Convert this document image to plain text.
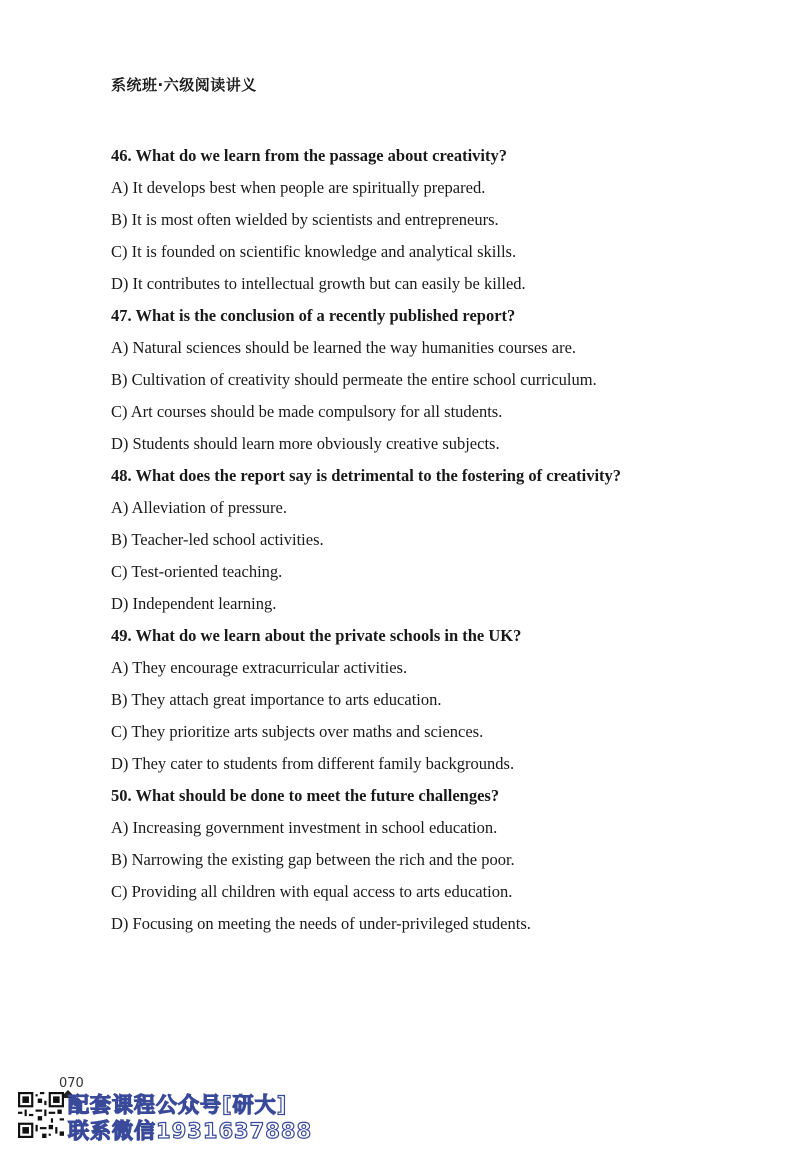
系统班·六级阅读讲义
46. What do we learn from the passage about creativity?
A) It develops best when people are spiritually prepared.
B) It is most often wielded by scientists and entrepreneurs.
C) It is founded on scientific knowledge and analytical skills.
D) It contributes to intellectual growth but can easily be killed.
47. What is the conclusion of a recently published report?
A) Natural sciences should be learned the way humanities courses are.
B) Cultivation of creativity should permeate the entire school curriculum.
C) Art courses should be made compulsory for all students.
D) Students should learn more obviously creative subjects.
48. What does the report say is detrimental to the fostering of creativity?
A) Alleviation of pressure.
B) Teacher-led school activities.
C) Test-oriented teaching.
D) Independent learning.
49. What do we learn about the private schools in the UK?
A) They encourage extracurricular activities.
B) They attach great importance to arts education.
C) They prioritize arts subjects over maths and sciences.
D) They cater to students from different family backgrounds.
50. What should be done to meet the future challenges?
A) Increasing government investment in school education.
B) Narrowing the existing gap between the rich and the poor.
C) Providing all children with equal access to arts education.
D) Focusing on meeting the needs of under-privileged students.
070
配套课程公众号[研大]
联系微信1931637888
